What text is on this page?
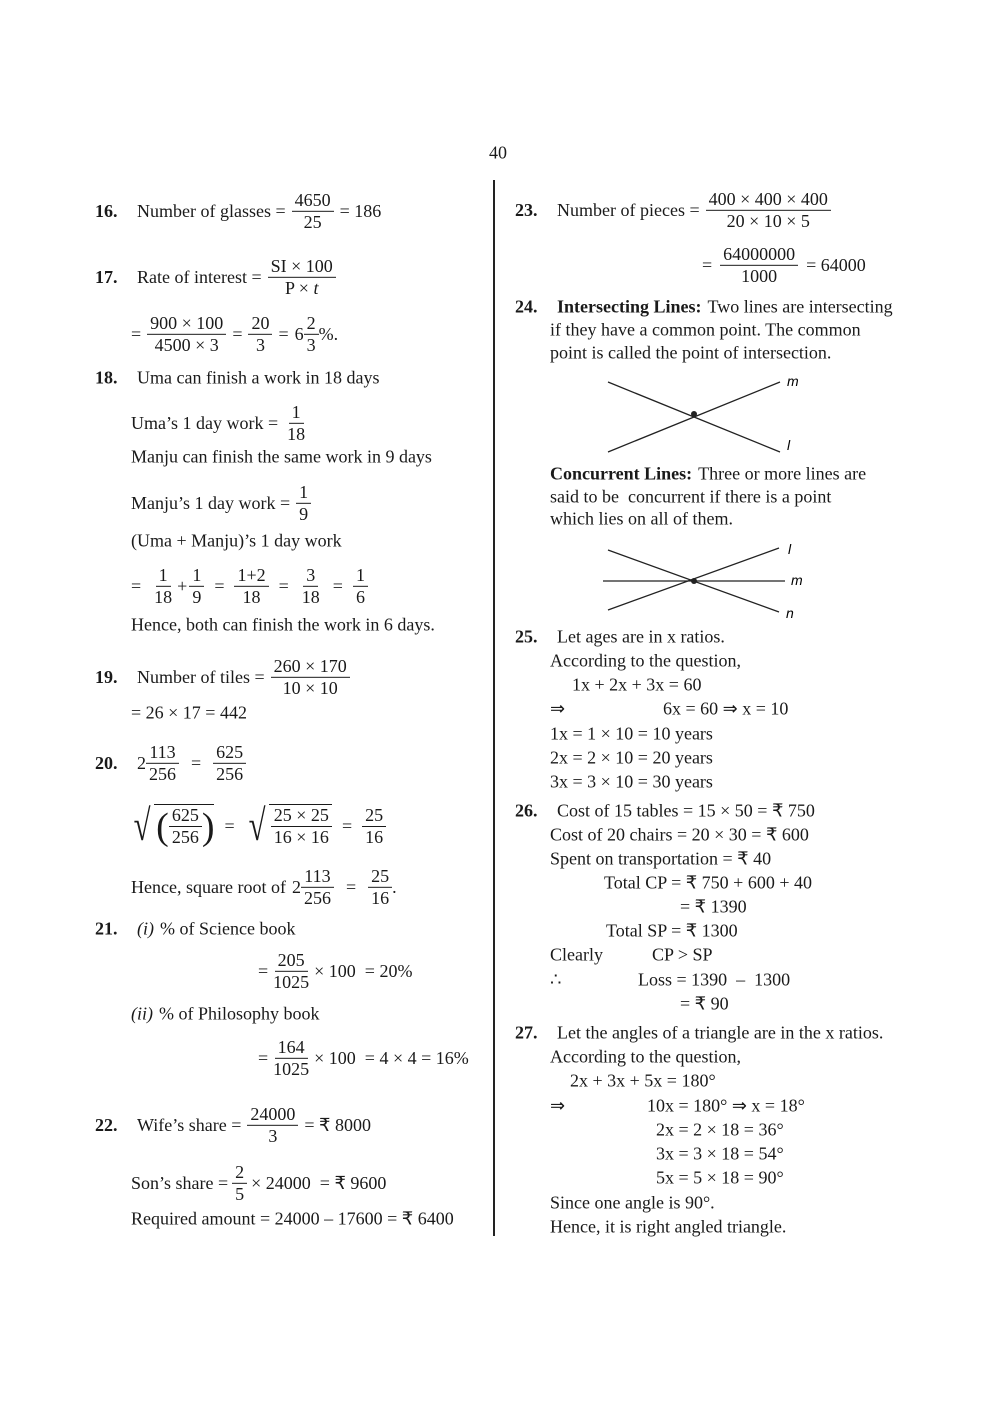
40
16.	Number of glasses = $\frac{4650}{25} = 186$
17.	Rate of interest = $\frac{SI \times 100}{P \times t}$
= $\frac{900 \times 100}{4500 \times 3} = \frac{20}{3} = 6 \frac{2}{3}$ %.
18.	Uma can finish a work in 18 days
Uma’s 1 day work = $\frac{1}{18}$
Manju can finish the same work in 9 days
Manju’s 1 day work = $\frac{1}{9}$
(Uma + Manju)’s 1 day work
= $\frac{1}{18} + \frac{1}{9} = \frac{1+2}{18} = \frac{3}{18} = \frac{1}{6}$
Hence, both can finish the work in 6 days.
19.	Number of tiles = $\frac{260 \times 170}{10 \times 10}$
= 26 × 17 = 442
20.	$2 \frac{113}{256} = \frac{625}{256}$
√ ( $\frac{625}{256}$ ) = √ $\frac{25 \times 25}{16 \times 16} = \frac{25}{16}$
Hence, square root of $2 \frac{113}{256} = \frac{25}{16}$ .
21.	(i) % of Science book
= $\frac{205}{1025} \times 100 = 20\%$
(ii) % of Philosophy book
= $\frac{164}{1025} \times 100 = 4 \times 4 = 16\%$
22.	Wife’s share = $\frac{24000}{3}$ = ₹ 8000
Son’s share = $\frac{2}{5} \times 24000$  = ₹ 9600
Required amount = 24000 – 17600 = ₹ 6400
23.	Number of pieces = $\frac{400 \times 400 \times 400}{20 \times 10 \times 5}$
= $\frac{64000000}{1000} = 64000$
24.	Intersecting Lines: Two lines are intersecting
if they have a common point. The common
point is called the point of intersection.
m
l
Concurrent Lines: Three or more lines are
said to be  concurrent if there is a point
which lies on all of them.
l
m
n
25.	Let ages are in x ratios.
According to the question,
1x + 2x + 3x = 60
⇒	6x = 60 ⇒ x = 10
1x = 1 × 10 = 10 years
2x = 2 × 10 = 20 years
3x = 3 × 10 = 30 years
26.	Cost of 15 tables = 15 × 50 = ₹ 750
Cost of 20 chairs = 20 × 30 = ₹ 600
Spent on transportation = ₹ 40
Total CP = ₹ 750 + 600 + 40
= ₹ 1390
Total SP = ₹ 1300
Clearly	CP > SP
∴	Loss = 1390  –  1300
= ₹ 90
27.	Let the angles of a triangle are in the x ratios.
According to the question,
2x + 3x + 5x = 180°
⇒	10x = 180° ⇒ x = 18°
2x = 2 × 18 = 36°
3x = 3 × 18 = 54°
5x = 5 × 18 = 90°
Since one angle is 90°.
Hence, it is right angled triangle.
